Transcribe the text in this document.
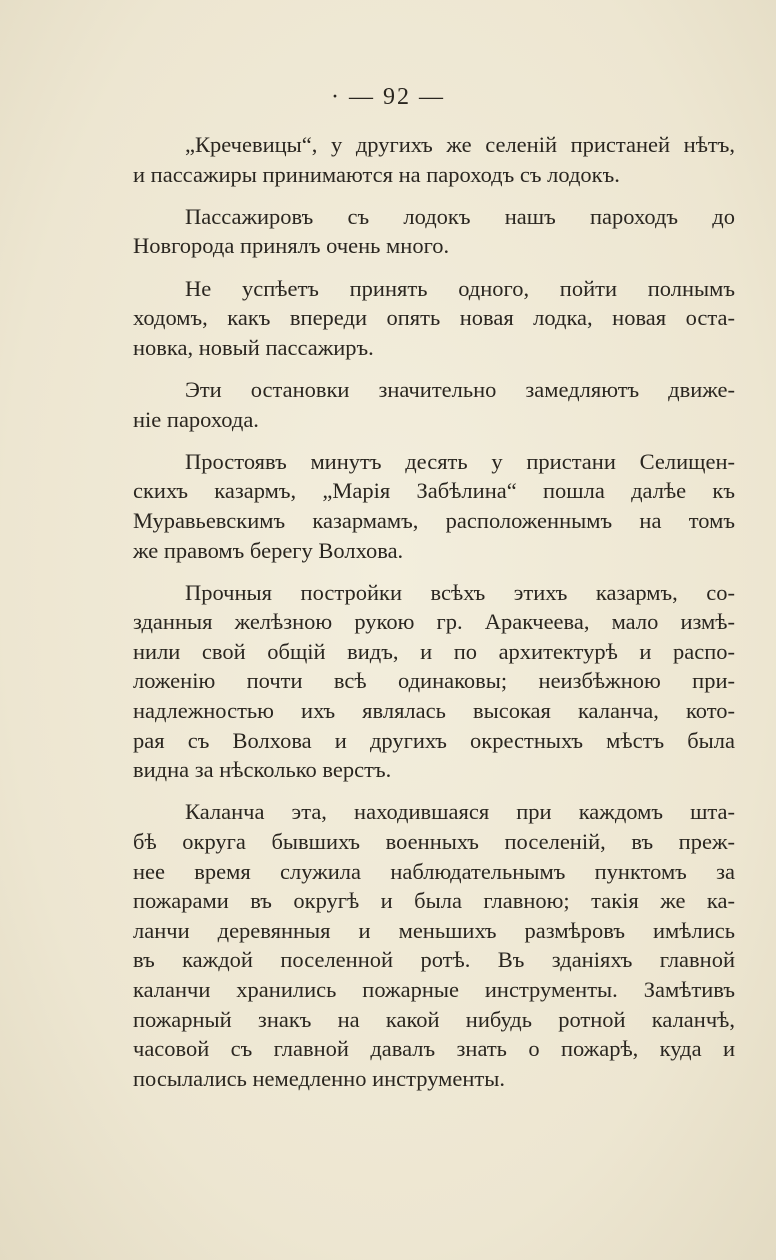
· — 92 —
„Кречевицы“, у другихъ же селеній пристаней нѣтъ,
и пассажиры принимаются на пароходъ съ лодокъ.
Пассажировъ съ лодокъ нашъ пароходъ до
Новгорода принялъ очень много.
Не успѣетъ принять одного, пойти полнымъ
ходомъ, какъ впереди опять новая лодка, новая оста-
новка, новый пассажиръ.
Эти остановки значительно замедляютъ движе-
ніе парохода.
Простоявъ минутъ десять у пристани Селищен-
скихъ казармъ, „Марія Забѣлина“ пошла далѣе къ
Муравьевскимъ казармамъ, расположеннымъ на томъ
же правомъ берегу Волхова.
Прочныя постройки всѣхъ этихъ казармъ, со-
зданныя желѣзною рукою гр. Аракчеева, мало измѣ-
нили свой общій видъ, и по архитектурѣ и распо-
ложенію почти всѣ одинаковы; неизбѣжною при-
надлежностью ихъ являлась высокая каланча, кото-
рая съ Волхова и другихъ окрестныхъ мѣстъ была
видна за нѣсколько верстъ.
Каланча эта, находившаяся при каждомъ шта-
бѣ округа бывшихъ военныхъ поселеній, въ преж-
нее время служила наблюдательнымъ пунктомъ за
пожарами въ округѣ и была главною; такія же ка-
ланчи деревянныя и меньшихъ размѣровъ имѣлись
въ каждой поселенной ротѣ. Въ зданіяхъ главной
каланчи хранились пожарные инструменты. Замѣтивъ
пожарный знакъ на какой нибудь ротной каланчѣ,
часовой съ главной давалъ знать о пожарѣ, куда и
посылались немедленно инструменты.
